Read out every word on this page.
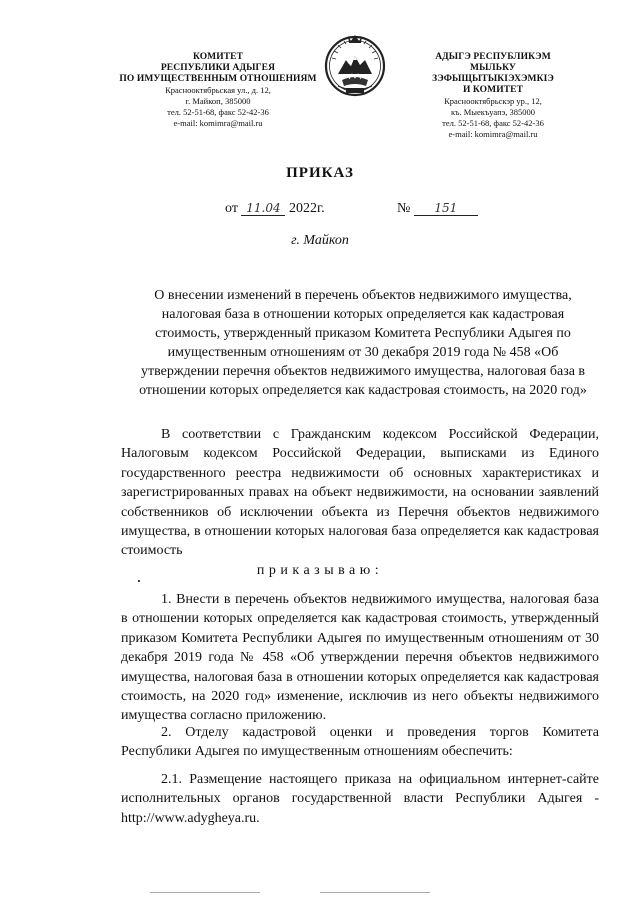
КОМИТЕТ
РЕСПУБЛИКИ АДЫГЕЯ
ПО ИМУЩЕСТВЕННЫМ ОТНОШЕНИЯМ
Краснооктябрьская ул., д. 12,
г. Майкоп, 385000
тел. 52-51-68, факс 52-42-36
e-mail: komimra@mail.ru
АДЫГЭ РЕСПУБЛИКЭМ
МЫЛЬКУ ЗЭФЫЩЫТЫКІЭХЭМКІЭ
И КОМИТЕТ
Краснооктябрьскэр ур., 12,
къ. Мыекъуапэ, 385000
тел. 52-51-68, факс 52-42-36
e-mail: komimra@mail.ru
ПРИКАЗ
от 11.04 2022г.	№ 151
г. Майкоп
О внесении изменений в перечень объектов недвижимого имущества,
налоговая база в отношении которых определяется как кадастровая
стоимость, утвержденный приказом Комитета Республики Адыгея по
имущественным отношениям от 30 декабря 2019 года № 458 «Об
утверждении перечня объектов недвижимого имущества, налоговая база в
отношении которых определяется как кадастровая стоимость, на 2020 год»

В соответствии с Гражданским кодексом Российской Федерации, Налоговым кодексом Российской Федерации, выписками из Единого государственного реестра недвижимости об основных характеристиках и зарегистрированных правах на объект недвижимости, на основании заявлений собственников об исключении объекта из Перечня объектов недвижимого имущества, в отношении которых налоговая база определяется как кадастровая стоимость

приказываю:

1. Внести в перечень объектов недвижимого имущества, налоговая база в отношении которых определяется как кадастровая стоимость, утвержденный приказом Комитета Республики Адыгея по имущественным отношениям от 30 декабря 2019 года № 458 «Об утверждении перечня объектов недвижимого имущества, налоговая база в отношении которых определяется как кадастровая стоимость, на 2020 год» изменение, исключив из него объекты недвижимого имущества согласно приложению.

2. Отделу кадастровой оценки и проведения торгов Комитета Республики Адыгея по имущественным отношениям обеспечить:

2.1. Размещение настоящего приказа на официальном интернет-сайте исполнительных органов государственной власти Республики Адыгея - http://www.adygheya.ru.
